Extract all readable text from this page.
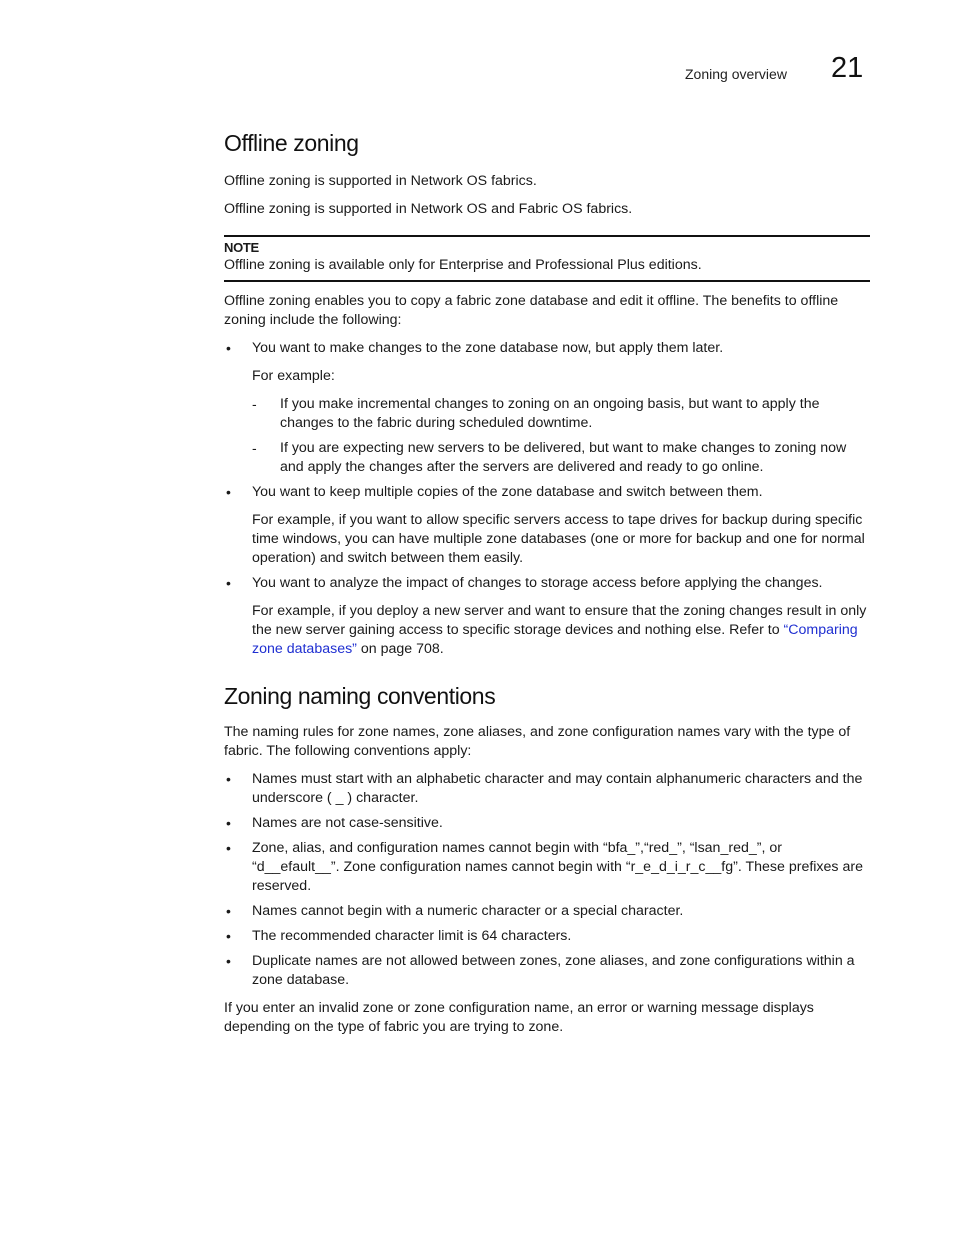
Zoning overview 21
Offline zoning

Offline zoning is supported in Network OS fabrics.

Offline zoning is supported in Network OS and Fabric OS fabrics.

NOTE

Offline zoning is available only for Enterprise and Professional Plus editions.

Offline zoning enables you to copy a fabric zone database and edit it offline. The benefits to offline zoning include the following:

• You want to make changes to the zone database now, but apply them later.

For example:

- If you make incremental changes to zoning on an ongoing basis, but want to apply the changes to the fabric during scheduled downtime.

- If you are expecting new servers to be delivered, but want to make changes to zoning now and apply the changes after the servers are delivered and ready to go online.

• You want to keep multiple copies of the zone database and switch between them.

For example, if you want to allow specific servers access to tape drives for backup during specific time windows, you can have multiple zone databases (one or more for backup and one for normal operation) and switch between them easily.

• You want to analyze the impact of changes to storage access before applying the changes.

For example, if you deploy a new server and want to ensure that the zoning changes result in only the new server gaining access to specific storage devices and nothing else. Refer to “Comparing zone databases” on page 708.

Zoning naming conventions

The naming rules for zone names, zone aliases, and zone configuration names vary with the type of fabric. The following conventions apply:

• Names must start with an alphabetic character and may contain alphanumeric characters and the underscore ( _ ) character.

• Names are not case-sensitive.

• Zone, alias, and configuration names cannot begin with “bfa_”,“red_”, “lsan_red_”, or “d__efault__”. Zone configuration names cannot begin with “r_e_d_i_r_c__fg”. These prefixes are reserved.

• Names cannot begin with a numeric character or a special character.

• The recommended character limit is 64 characters.

• Duplicate names are not allowed between zones, zone aliases, and zone configurations within a zone database.

If you enter an invalid zone or zone configuration name, an error or warning message displays depending on the type of fabric you are trying to zone.
